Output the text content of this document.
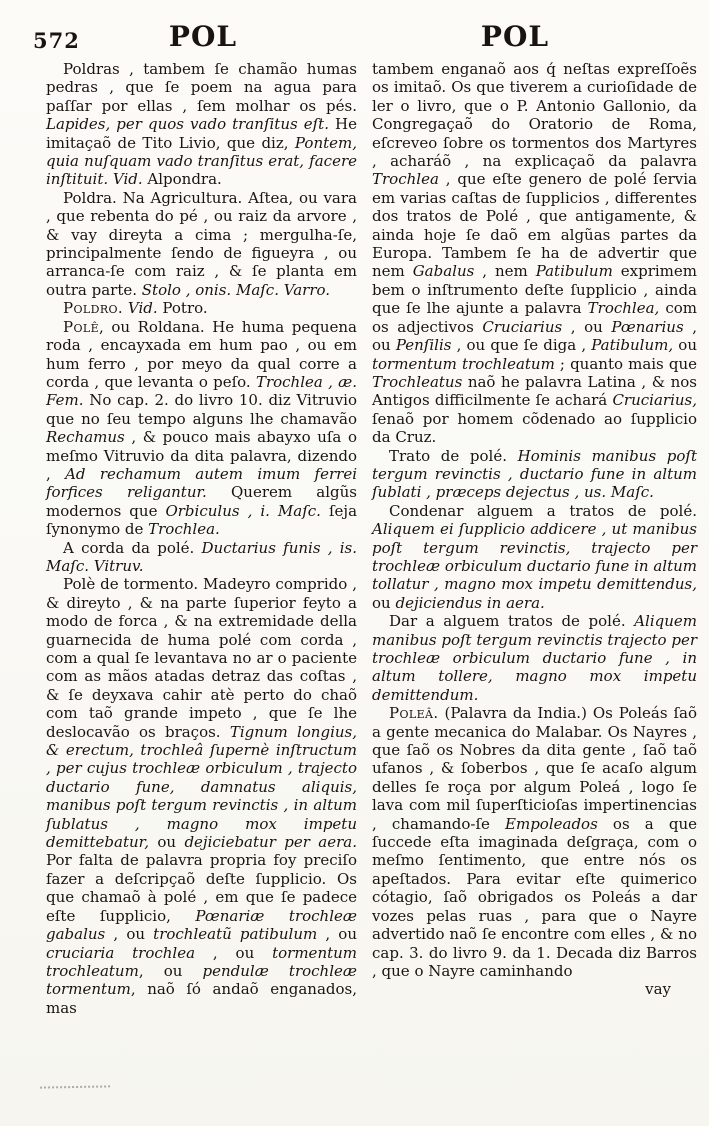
572	POL	POL

Poldras , tambem ſe chamão humas pedras , que ſe poem na agua para paſſar por ellas , ſem molhar os pés. Lapides, per quos vado tranſitus eſt. He imitaçaõ de Tito Livio, que diz, Pontem, quia nuſquam vado tranſitus erat, facere inſtituit. Vid. Alpondra.

Poldra. Na Agricultura. Aſtea, ou vara , que rebenta do pé , ou raiz da arvore , & vay direyta a cima ; mergulha-ſe, principalmente ſendo de figueyra , ou arranca-ſe com raiz , & ſe planta em outra parte. Stolo , onis. Maſc. Varro.

Poldro. Vid. Potro.

Polê, ou Roldana. He huma pequena roda , encayxada em hum pao , ou em hum ferro , por meyo da qual corre a corda , que levanta o peſo. Trochlea , æ. Fem. No cap. 2. do livro 10. diz Vitruvio que no ſeu tempo alguns lhe chamavão Rechamus , & pouco mais abayxo uſa o meſmo Vitruvio da dita palavra, dizendo , Ad rechamum autem imum ferrei forfices religantur. Querem algũs modernos que Orbiculus , i. Maſc. ſeja ſynonymo de Trochlea.

A corda da polé. Ductarius funis , is. Maſc. Vitruv.

Polè de tormento. Madeyro comprido , & direyto , & na parte ſuperior feyto a modo de forca , & na extremidade della guarnecida de huma polé com corda , com a qual ſe levantava no ar o paciente com as mãos atadas detraz das coſtas , & ſe deyxava cahir atè perto do chaõ com taõ grande impeto , que ſe lhe deslocavão os braços. Tignum longius, & erectum, trochleâ ſupernè inſtructum , per cujus trochleæ orbiculum , trajecto ductario fune, damnatus aliquis, manibus poſt tergum revinctis , in altum ſublatus , magno mox impetu demittebatur, ou dejiciebatur per aera. Por falta de palavra propria foy preciſo fazer a deſcripçaõ deſte ſupplicio. Os que chamaõ à polé , em que ſe padece eſte ſupplicio, Pœnariæ trochleæ gabalus , ou trochleatũ patibulum , ou cruciaria trochlea , ou tormentum trochleatum, ou pendulæ trochleæ tormentum, naõ ſó andaõ enganados, mas

tambem enganaõ aos q́ neſtas expreſſoẽs os imitaõ. Os que tiverem a curioſidade de ler o livro, que o P. Antonio Gallonio, da Congregaçaõ do Oratorio de Roma, eſcreveo ſobre os tormentos dos Martyres , acharáõ , na explicaçaõ da palavra Trochlea , que eſte genero de polé ſervia em varias caſtas de ſupplicios , differentes dos tratos de Polé , que antigamente, & ainda hoje ſe daõ em algũas partes da Europa. Tambem ſe ha de advertir que nem Gabalus , nem Patibulum exprimem bem o inſtrumento deſte ſupplicio , ainda que ſe lhe ajunte a palavra Trochlea, com os adjectivos Cruciarius , ou Pœnarius , ou Penſilis , ou que ſe diga , Patibulum, ou tormentum trochleatum ; quanto mais que Trochleatus naõ he palavra Latina , & nos Antigos difficilmente ſe achará Cruciarius, ſenaõ por homem cõdenado ao ſupplicio da Cruz.

Trato de polé. Hominis manibus poſt tergum revinctis , ductario fune in altum ſublati , præceps dejectus , us. Maſc.

Condenar alguem a tratos de polé. Aliquem ei ſupplicio addicere , ut manibus poſt tergum revinctis, trajecto per trochleæ orbiculum ductario fune in altum tollatur , magno mox impetu demittendus, ou dejiciendus in aera.

Dar a alguem tratos de polé. Aliquem manibus poſt tergum revinctis trajecto per trochleæ orbiculum ductario fune , in altum tollere, magno mox impetu demittendum.

Poleâ. (Palavra da India.) Os Poleás ſaõ a gente mecanica do Malabar. Os Nayres , que ſaõ os Nobres da dita gente , ſaõ taõ ufanos , & ſoberbos , que ſe acaſo algum delles ſe roça por algum Poleá , logo ſe lava com mil ſuperſticioſas impertinencias , chamando-ſe Empoleados os a que ſuccede eſta imaginada deſgraça, com o meſmo ſentimento, que entre nós os apeſtados. Para evitar eſte quimerico cótagio, ſaõ obrigados os Poleás a dar vozes pelas ruas , para que o Nayre advertido naõ ſe encontre com elles , & no cap. 3. do livro 9. da 1. Decada diz Barros , que o Nayre caminhando

vay
